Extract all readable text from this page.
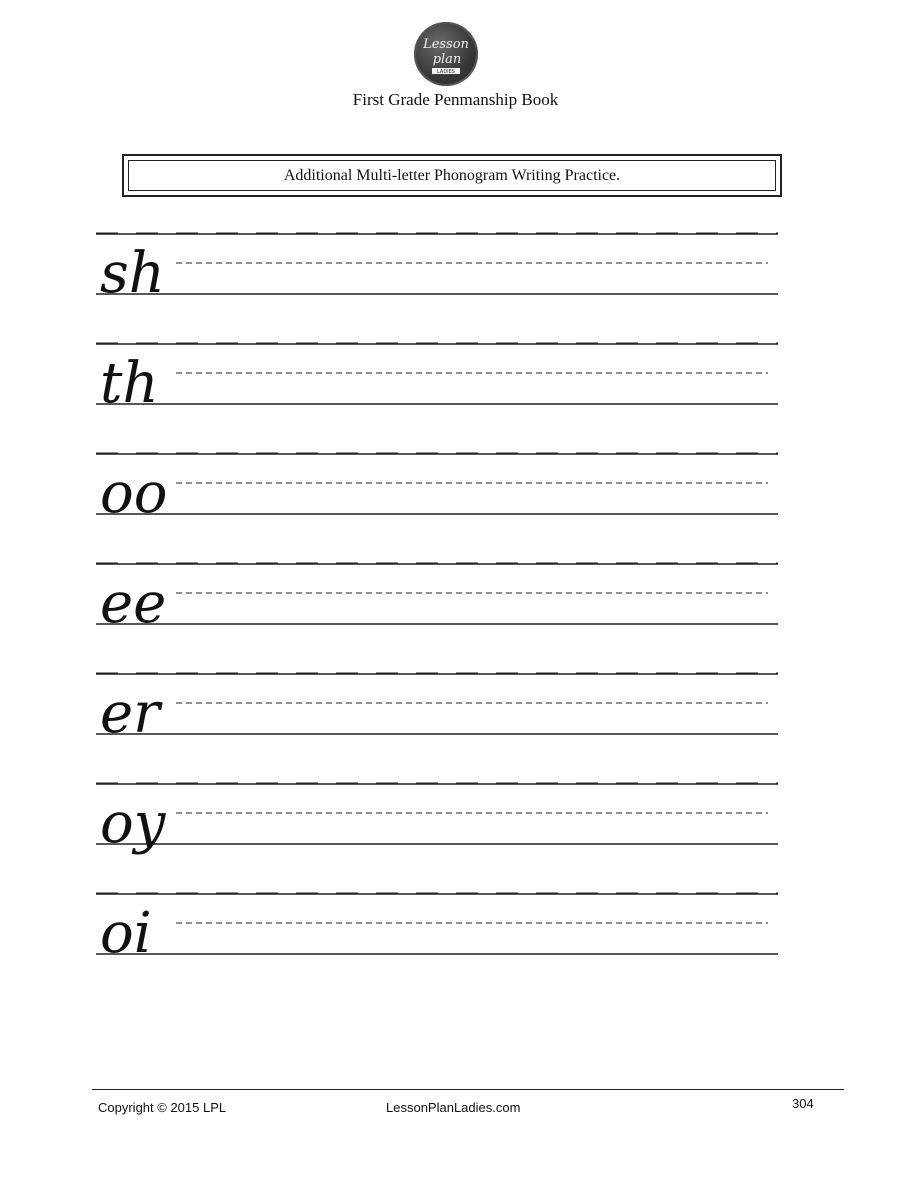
Lesson
plan
LADIES
First Grade Penmanship Book
Additional Multi-letter Phonogram Writing Practice.
sh
th
oo
ee
er
oy
oi
Copyright © 2015 LPL	LessonPlanLadies.com	304
